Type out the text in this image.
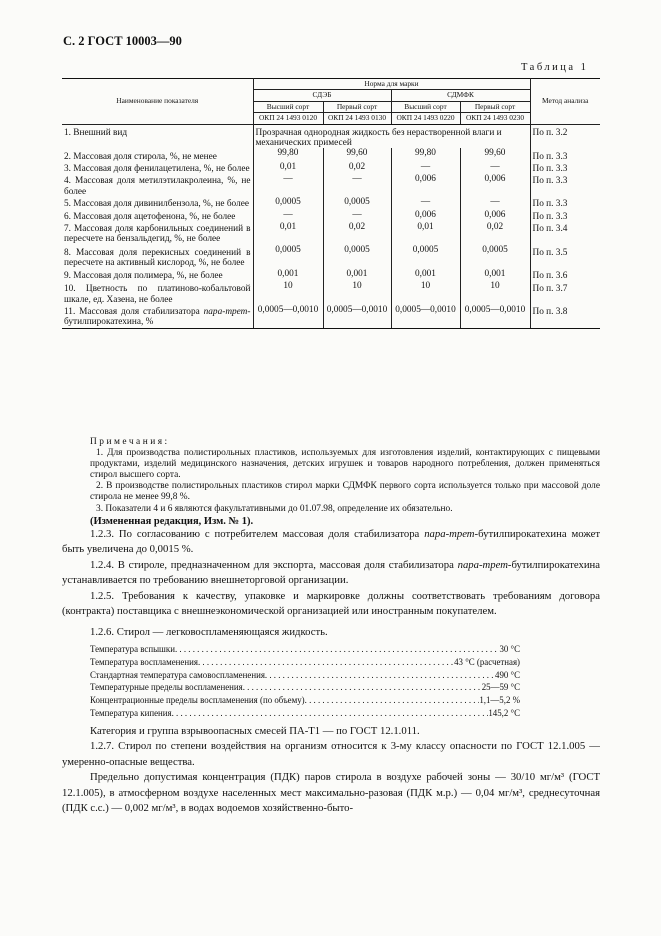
С. 2 ГОСТ 10003—90
Таблица 1
Наименование показателя	Норма для марки				Метод анализа
	СДЭБ		СДМФК		
	Высший сорт	Первый сорт	Высший сорт	Первый сорт	
	ОКП 24 1493 0120	ОКП 24 1493 0130	ОКП 24 1493 0220	ОКП 24 1493 0230	
1. Внешний вид	Прозрачная однородная жидкость без нерастворенной влаги и механических примесей				По п. 3.2
2. Массовая доля стирола, %, не менее	99,80	99,60	99,80	99,60	По п. 3.3
3. Массовая доля фенилацетилена, %, не более	0,01	0,02	—	—	По п. 3.3
4. Массовая доля метилэтилакролеина, %, не более	—	—	0,006	0,006	По п. 3.3
5. Массовая доля дивинилбензола, %, не более	0,0005	0,0005	—	—	По п. 3.3
6. Массовая доля ацетофенона, %, не более	—	—	0,006	0,006	По п. 3.3
7. Массовая доля карбонильных соединений в пересчете на бензальдегид, %, не более	0,01	0,02	0,01	0,02	По п. 3.4
8. Массовая доля перекисных соединений в пересчете на активный кислород, %, не более	0,0005	0,0005	0,0005	0,0005	По п. 3.5
9. Массовая доля полимера, %, не более	0,001	0,001	0,001	0,001	По п. 3.6
10. Цветность по платиново-кобальтовой шкале, ед. Хазена, не более	10	10	10	10	По п. 3.7
11. Массовая доля стабилизатора пара-трет-бутилпирокатехина, %	0,0005—0,0010	0,0005—0,0010	0,0005—0,0010	0,0005—0,0010	По п. 3.8
Примечания:

1. Для производства полистирольных пластиков, используемых для изготовления изделий, контактирующих с пищевыми продуктами, изделий медицинского назначения, детских игрушек и товаров народного потребления, должен применяться стирол высшего сорта.

2. В производстве полистирольных пластиков стирол марки СДМФК первого сорта используется только при массовой доле стирола не менее 99,8 %.

3. Показатели 4 и 6 являются факультативными до 01.07.98, определение их обязательно.

(Измененная редакция, Изм. № 1).

1.2.3. По согласованию с потребителем массовая доля стабилизатора пара-трет-бутилпирокатехина может быть увеличена до 0,0015 %.

1.2.4. В стироле, предназначенном для экспорта, массовая доля стабилизатора пара-трет-бутилпирокатехина устанавливается по требованию внешнеторговой организации.

1.2.5. Требования к качеству, упаковке и маркировке должны соответствовать требованиям договора (контракта) поставщика с внешнеэкономической организацией или иностранным покупателем.

1.2.6. Стирол — легковоспламеняющаяся жидкость.

Температура вспышки . . .	30 °С
Температура воспламенения . . .	43 °С (расчетная)
Стандартная температура самовоспламенения . . .	490 °С
Температурные пределы воспламенения . . .	25—59 °С
Концентрационные пределы воспламенения (по объему) . . .	1,1—5,2 %
Температура кипения . . .	145,2 °С

Категория и группа взрывоопасных смесей ПА-Т1 — по ГОСТ 12.1.011.

1.2.7. Стирол по степени воздействия на организм относится к 3-му классу опасности по ГОСТ 12.1.005 — умеренно-опасные вещества.

Предельно допустимая концентрация (ПДК) паров стирола в воздухе рабочей зоны — 30/10 мг/м³ (ГОСТ 12.1.005), в атмосферном воздухе населенных мест максимально-разовая (ПДК м.р.) — 0,04 мг/м³, среднесуточная (ПДК с.с.) — 0,002 мг/м³, в водах водоемов хозяйственно-быто-
